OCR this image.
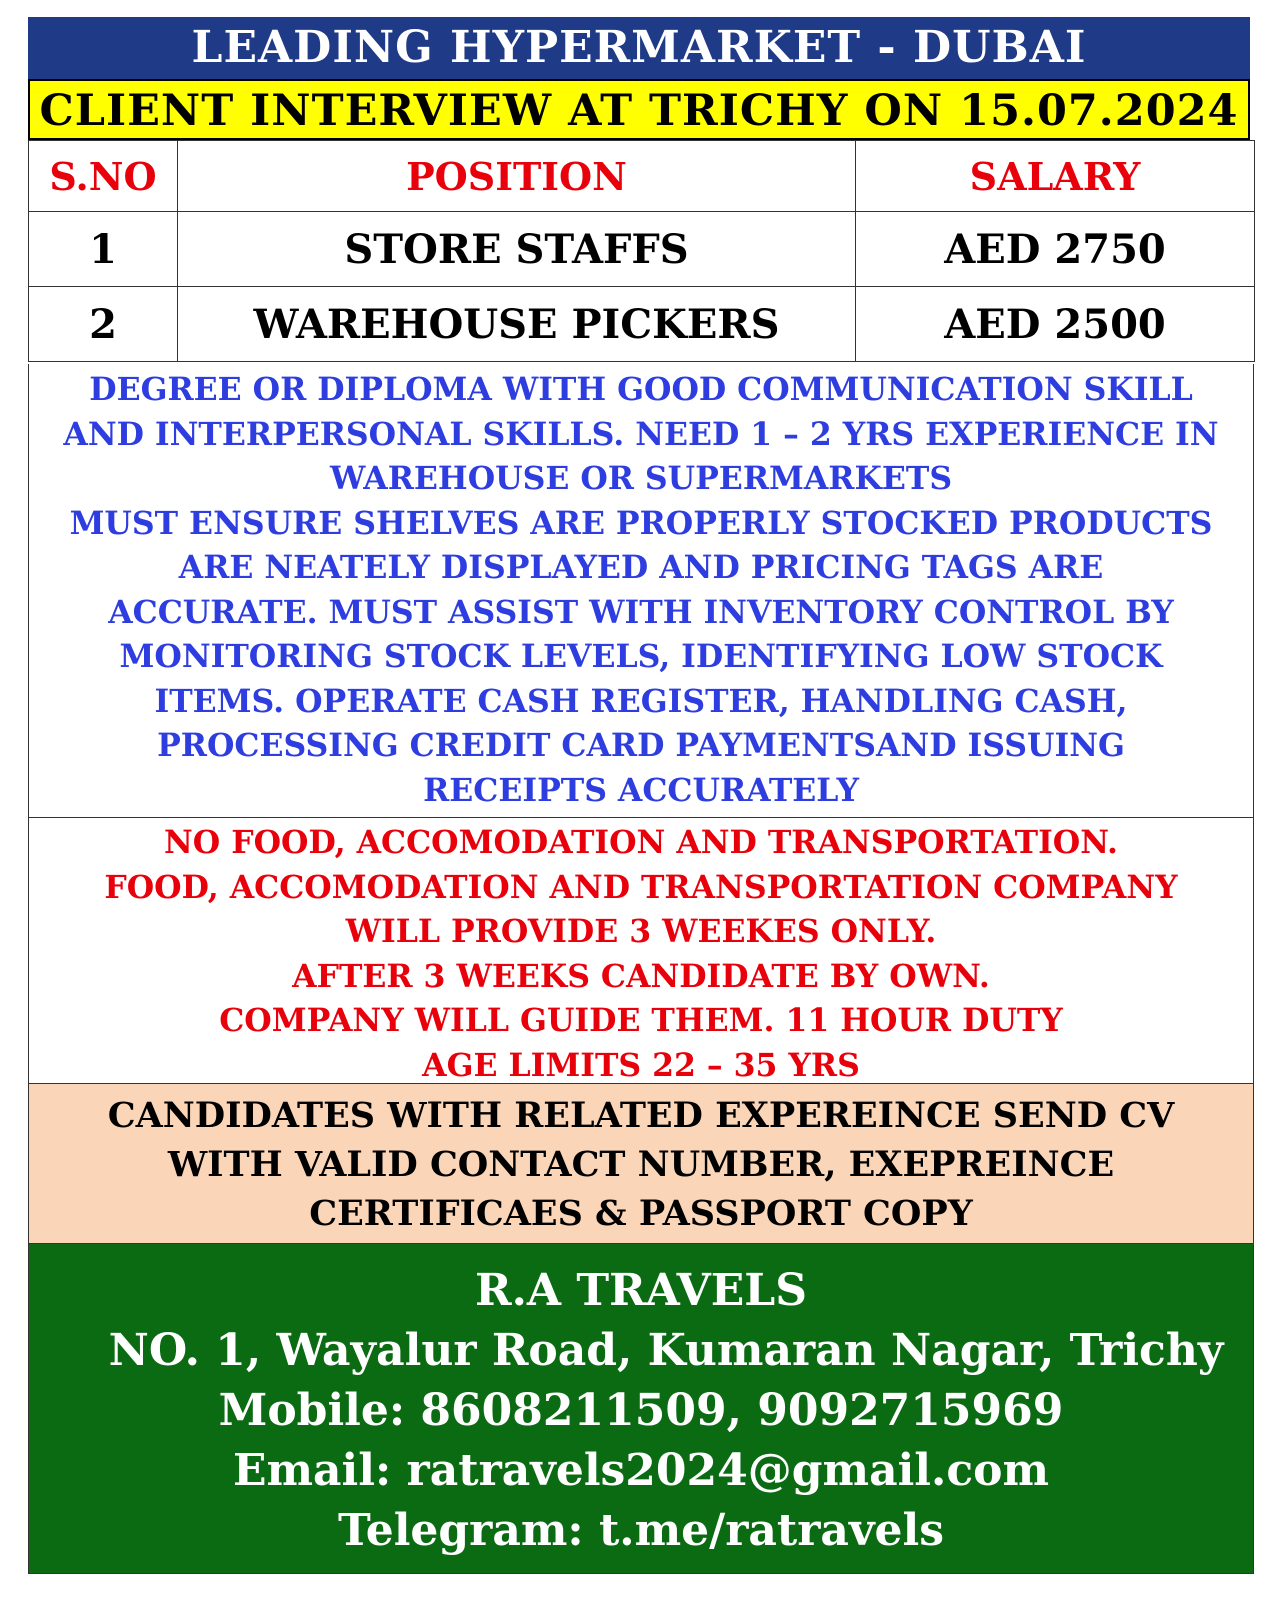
LEADING HYPERMARKET - DUBAI
CLIENT INTERVIEW AT TRICHY ON 15.07.2024
S.NO	POSITION	SALARY
1	STORE STAFFS	AED 2750
2	WAREHOUSE PICKERS	AED 2500

DEGREE OR DIPLOMA WITH GOOD COMMUNICATION SKILL

AND INTERPERSONAL SKILLS. NEED 1 – 2 YRS EXPERIENCE IN

WAREHOUSE OR SUPERMARKETS

MUST ENSURE SHELVES ARE PROPERLY STOCKED PRODUCTS

ARE NEATELY DISPLAYED AND PRICING TAGS ARE

ACCURATE. MUST ASSIST WITH INVENTORY CONTROL BY

MONITORING STOCK LEVELS, IDENTIFYING LOW STOCK

ITEMS. OPERATE CASH REGISTER, HANDLING CASH,

PROCESSING CREDIT CARD PAYMENTSAND ISSUING

RECEIPTS ACCURATELY

NO FOOD, ACCOMODATION AND TRANSPORTATION.

FOOD, ACCOMODATION AND TRANSPORTATION COMPANY

WILL PROVIDE 3 WEEKES ONLY.

AFTER 3 WEEKS CANDIDATE BY OWN.

COMPANY WILL GUIDE THEM. 11 HOUR DUTY

AGE LIMITS 22 – 35 YRS

CANDIDATES WITH RELATED EXPEREINCE SEND CV

WITH VALID CONTACT NUMBER, EXEPREINCE

CERTIFICAES & PASSPORT COPY

R.A TRAVELS

NO. 1, Wayalur Road, Kumaran Nagar, Trichy

Mobile: 8608211509, 9092715969

Email: ratravels2024@gmail.com

Telegram: t.me/ratravels
